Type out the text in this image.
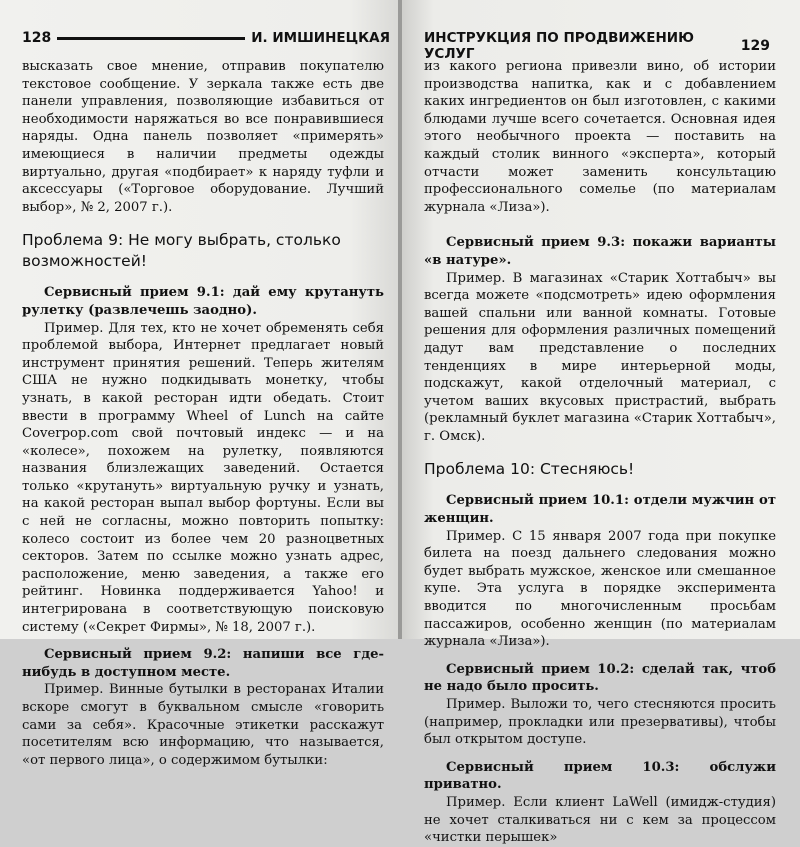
128	И. ИМШИНЕЦКАЯ

высказать свое мнение, отправив покупателю текстовое сообщение. У зеркала также есть две панели управления, позволяющие избавиться от необходимости наряжаться во все понравившиеся наряды. Одна панель позволяет «примерять» имеющиеся в наличии предметы одежды виртуально, другая «подбирает» к наряду туфли и аксессуары («Торговое оборудование. Лучший выбор», № 2, 2007 г.).

Проблема 9: Не могу выбрать, столько возможностей!

Сервисный прием 9.1: дай ему крутануть рулетку (развлечешь заодно).

Пример. Для тех, кто не хочет обременять себя проблемой выбора, Интернет предлагает новый инструмент принятия решений. Теперь жителям США не нужно подкидывать монетку, чтобы узнать, в какой ресторан идти обедать. Стоит ввести в программу Wheel of Lunch на сайте Coverpop.com свой почтовый индекс — и на «колесе», похожем на рулетку, появляются названия близлежащих заведений. Остается только «крутануть» виртуальную ручку и узнать, на какой ресторан выпал выбор фортуны. Если вы с ней не согласны, можно повторить попытку: колесо состоит из более чем 20 разноцветных секторов. Затем по ссылке можно узнать адрес, расположение, меню заведения, а также его рейтинг. Новинка поддерживается Yahoo! и интегрирована в соответствующую поисковую систему («Секрет Фирмы», № 18, 2007 г.).

Сервисный прием 9.2: напиши все где-нибудь в доступном месте.

Пример. Винные бутылки в ресторанах Италии вскоре смогут в буквальном смысле «говорить сами за себя». Красочные этикетки расскажут посетителям всю информацию, что называется, «от первого лица», о содержимом бутылки:

ИНСТРУКЦИЯ ПО ПРОДВИЖЕНИЮ УСЛУГ	129

из какого региона привезли вино, об истории производства напитка, как и с добавлением каких ингредиентов он был изготовлен, с какими блюдами лучше всего сочетается. Основная идея этого необычного проекта — поставить на каждый столик винного «эксперта», который отчасти может заменить консультацию профессионального сомелье (по материалам журнала «Лиза»).

Сервисный прием 9.3: покажи варианты «в натуре».

Пример. В магазинах «Старик Хоттабыч» вы всегда можете «подсмотреть» идею оформления вашей спальни или ванной комнаты. Готовые решения для оформления различных помещений дадут вам представление о последних тенденциях в мире интерьерной моды, подскажут, какой отделочный материал, с учетом ваших вкусовых пристрастий, выбрать (рекламный буклет магазина «Старик Хоттабыч», г. Омск).

Проблема 10: Стесняюсь!

Сервисный прием 10.1: отдели мужчин от женщин.

Пример. С 15 января 2007 года при покупке билета на поезд дальнего следования можно будет выбрать мужское, женское или смешанное купе. Эта услуга в порядке эксперимента вводится по многочисленным просьбам пассажиров, особенно женщин (по материалам журнала «Лиза»).

Сервисный прием 10.2: сделай так, чтоб не надо было просить.

Пример. Выложи то, чего стесняются просить (например, прокладки или презервативы), чтобы был открытом доступе.

Сервисный прием 10.3: обслужи приватно.

Пример. Если клиент LaWell (имидж-студия) не хочет сталкиваться ни с кем за процессом «чистки перышек»
